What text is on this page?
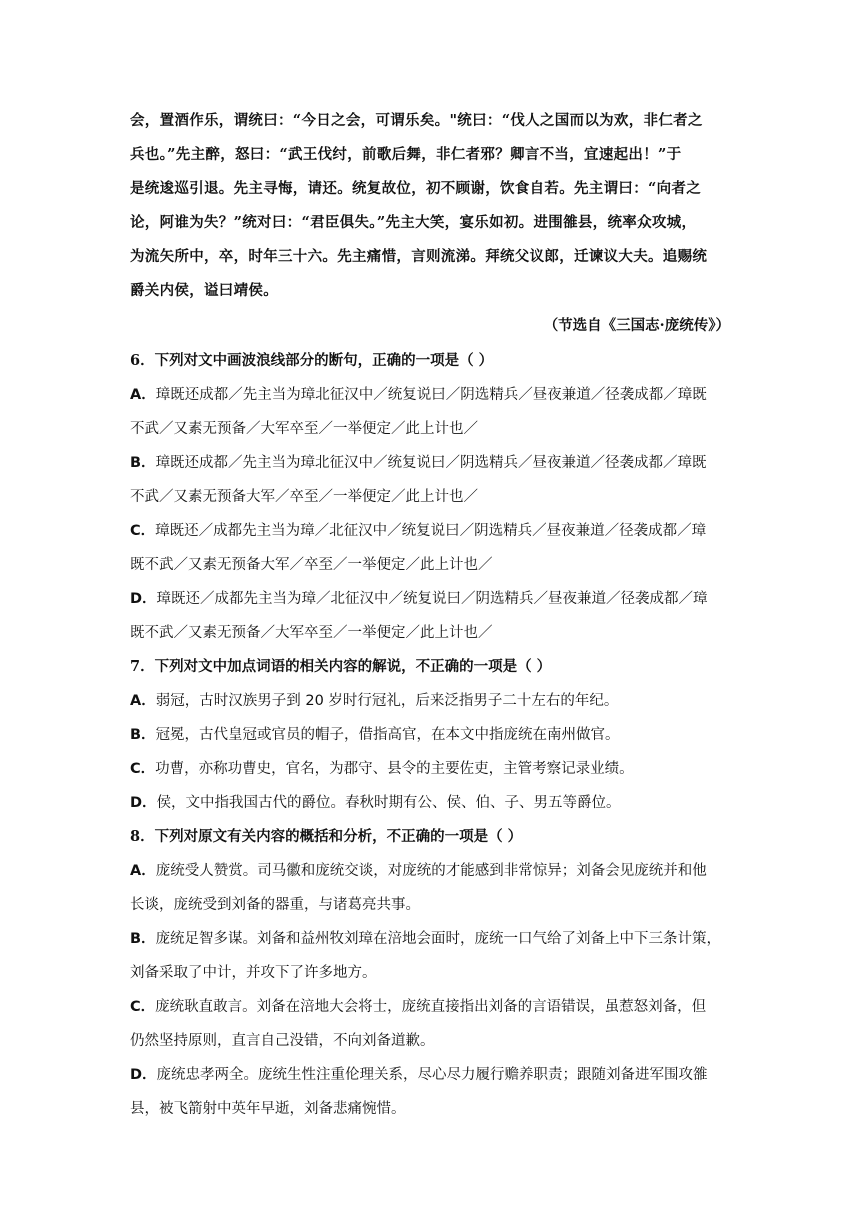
会，置酒作乐，谓统曰：“今日之会，可谓乐矣。"统曰：“伐人之国而以为欢，非仁者之

兵也。”先主醉，怒曰：“武王伐纣，前歌后舞，非仁者邪？卿言不当，宜速起出！”于

是统逡巡引退。先主寻悔，请还。统复故位，初不顾谢，饮食自若。先主谓曰：“向者之

论，阿谁为失？”统对曰：“君臣俱失。”先主大笑，宴乐如初。进围雒县，统率众攻城，

为流矢所中，卒，时年三十六。先主痛惜，言则流涕。拜统父议郎，迁谏议大夫。追赐统

爵关内侯，谥曰靖侯。

（节选自《三国志·庞统传》）

6．下列对文中画波浪线部分的断句，正确的一项是（ ）

A．璋既还成都／先主当为璋北征汉中／统复说曰／阴选精兵／昼夜兼道／径袭成都／璋既

不武／又素无预备／大军卒至／一举便定／此上计也／

B．璋既还成都／先主当为璋北征汉中／统复说曰／阴选精兵／昼夜兼道／径袭成都／璋既

不武／又素无预备大军／卒至／一举便定／此上计也／

C．璋既还／成都先主当为璋／北征汉中／统复说曰／阴选精兵／昼夜兼道／径袭成都／璋

既不武／又素无预备大军／卒至／一举便定／此上计也／

D．璋既还／成都先主当为璋／北征汉中／统复说曰／阴选精兵／昼夜兼道／径袭成都／璋

既不武／又素无预备／大军卒至／一举便定／此上计也／

7．下列对文中加点词语的相关内容的解说，不正确的一项是（ ）

A．弱冠，古时汉族男子到 20 岁时行冠礼，后来泛指男子二十左右的年纪。

B．冠冕，古代皇冠或官员的帽子，借指高官，在本文中指庞统在南州做官。

C．功曹，亦称功曹史，官名，为郡守、县令的主要佐吏，主管考察记录业绩。

D．侯，文中指我国古代的爵位。春秋时期有公、侯、伯、子、男五等爵位。

8．下列对原文有关内容的概括和分析，不正确的一项是（ ）

A．庞统受人赞赏。司马徽和庞统交谈，对庞统的才能感到非常惊异；刘备会见庞统并和他

长谈，庞统受到刘备的器重，与诸葛亮共事。

B．庞统足智多谋。刘备和益州牧刘璋在涪地会面时，庞统一口气给了刘备上中下三条计策，

刘备采取了中计，并攻下了许多地方。

C．庞统耿直敢言。刘备在涪地大会将士，庞统直接指出刘备的言语错误，虽惹怒刘备，但

仍然坚持原则，直言自己没错，不向刘备道歉。

D．庞统忠孝两全。庞统生性注重伦理关系，尽心尽力履行赡养职责；跟随刘备进军围攻雒

县，被飞箭射中英年早逝，刘备悲痛惋惜。
